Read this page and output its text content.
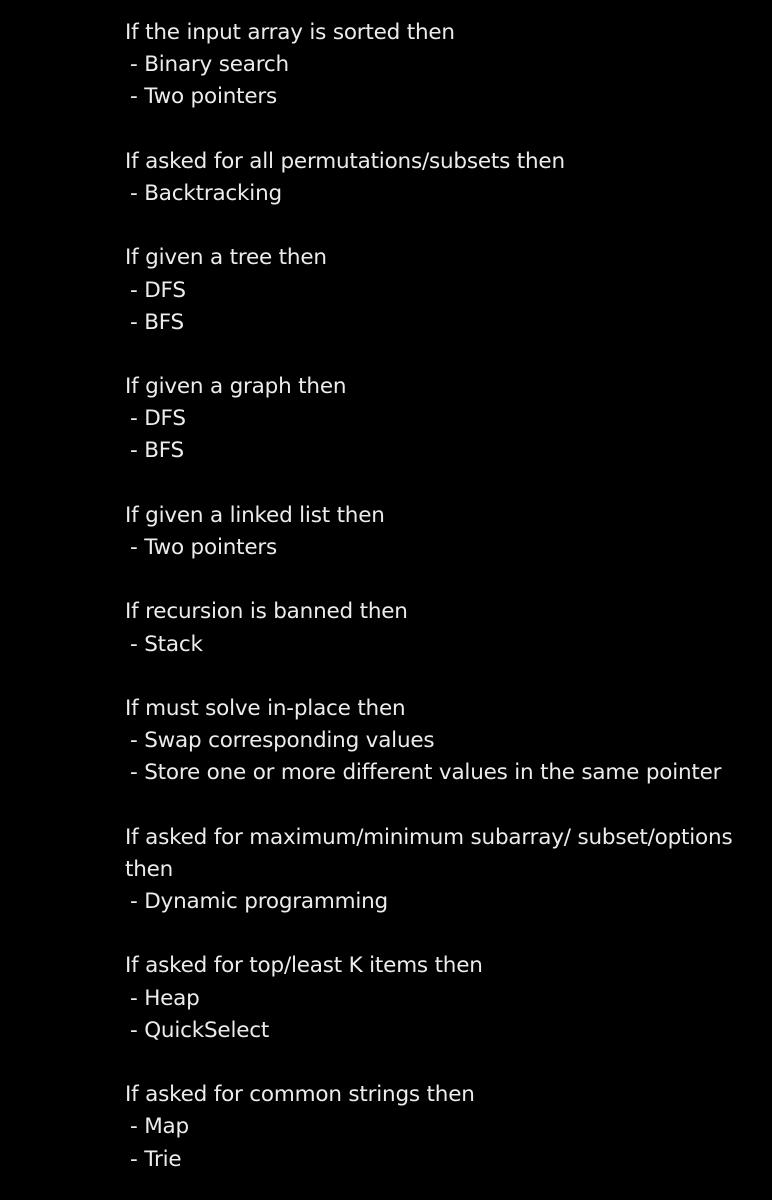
If the input array is sorted then
- Binary search
- Two pointers
If asked for all permutations/subsets then
- Backtracking
If given a tree then
- DFS
- BFS
If given a graph then
- DFS
- BFS
If given a linked list then
- Two pointers
If recursion is banned then
- Stack
If must solve in-place then
- Swap corresponding values
- Store one or more different values in the same pointer
If asked for maximum/minimum subarray/ subset/options
then
- Dynamic programming
If asked for top/least K items then
- Heap
- QuickSelect
If asked for common strings then
- Map
- Trie
